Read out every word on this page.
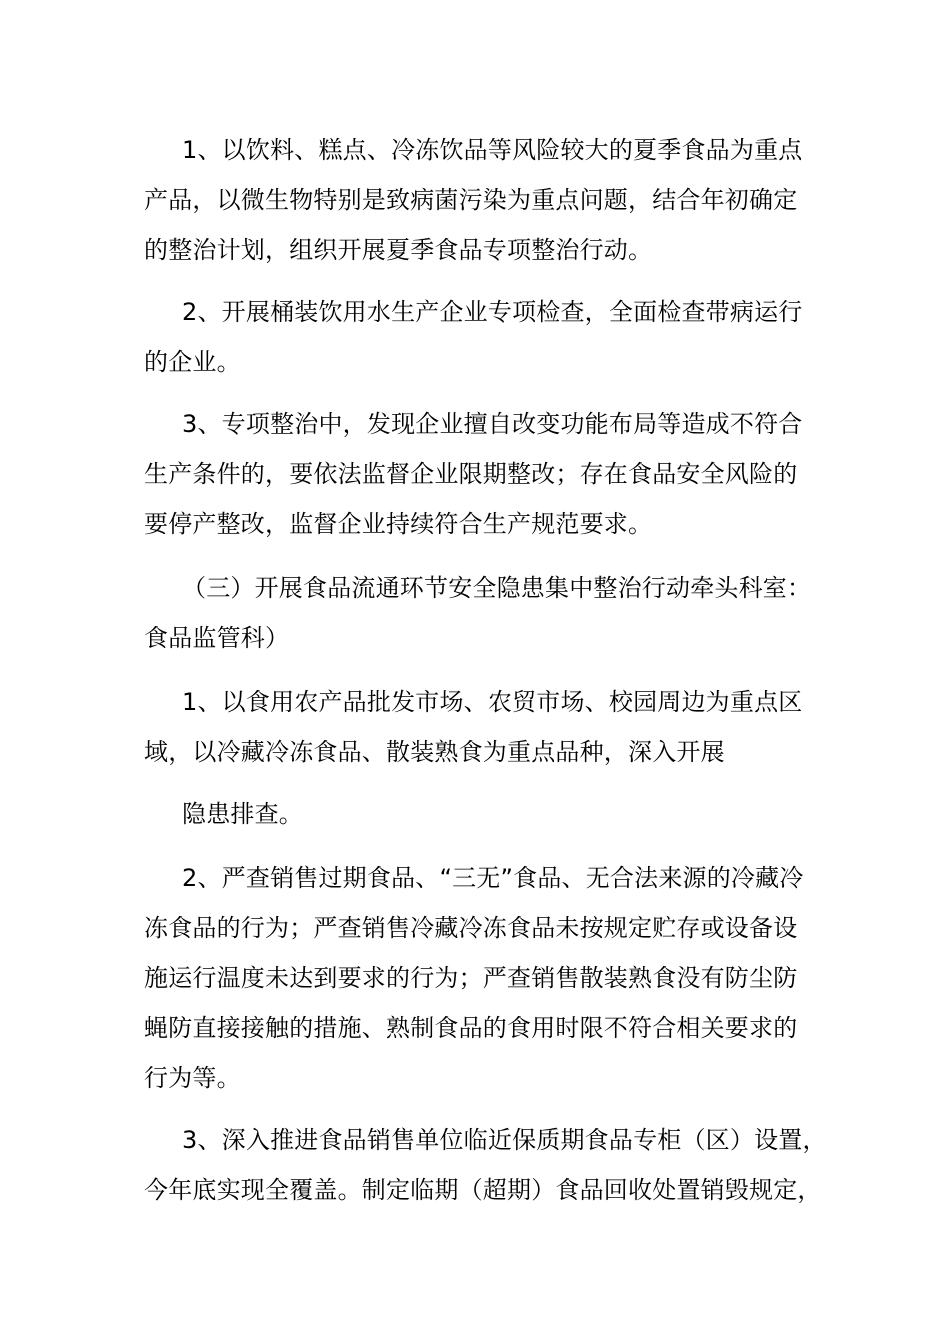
1、以饮料、糕点、冷冻饮品等风险较大的夏季食品为重点
产品，以微生物特别是致病菌污染为重点问题，结合年初确定
的整治计划，组织开展夏季食品专项整治行动。
2、开展桶装饮用水生产企业专项检查，全面检查带病运行
的企业。
3、专项整治中，发现企业擅自改变功能布局等造成不符合
生产条件的，要依法监督企业限期整改；存在食品安全风险的
要停产整改，监督企业持续符合生产规范要求。
（三）开展食品流通环节安全隐患集中整治行动牵头科室：
食品监管科）
1、以食用农产品批发市场、农贸市场、校园周边为重点区
域，以冷藏冷冻食品、散装熟食为重点品种，深入开展
隐患排查。
2、严查销售过期食品、“三无”食品、无合法来源的冷藏冷
冻食品的行为；严查销售冷藏冷冻食品未按规定贮存或设备设
施运行温度未达到要求的行为；严查销售散装熟食没有防尘防
蝇防直接接触的措施、熟制食品的食用时限不符合相关要求的
行为等。
3、深入推进食品销售单位临近保质期食品专柜（区）设置，
今年底实现全覆盖。制定临期（超期）食品回收处置销毁规定，
